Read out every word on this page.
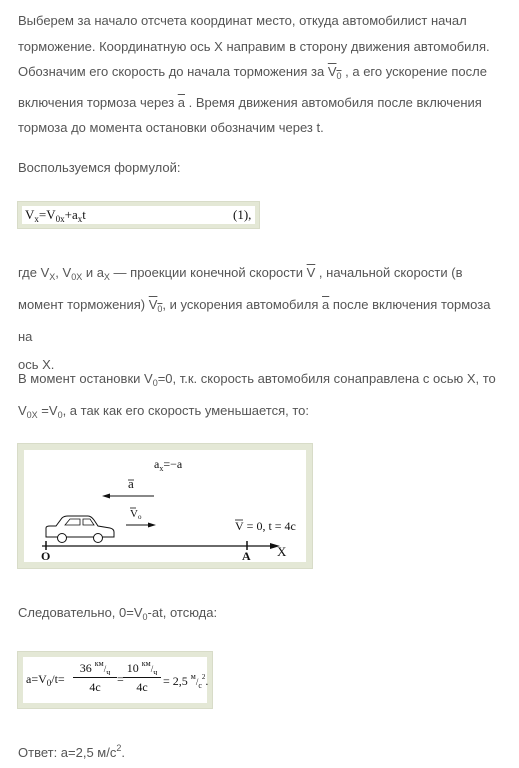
Выберем за начало отсчета координат место, откуда автомобилист начал
торможение. Координатную ось X направим в сторону движения автомобиля.
Обозначим его скорость до начала торможения за $V_0$ , а его ускорение после
включения тормоза через $\overline{a}$ . Время движения автомобиля после включения
тормоза до момента остановки обозначим через t.
Воспользуемся формулой:
$V_x=V_{0x}+a_xt$	(1),
где $V_X$, $V_{0X}$ и $a_X$ — проекции конечной скорости $\overline{V}$ , начальной скорости (в
момент торможения) $V_0$, и ускорения автомобиля $\overline{a}$ после включения тормоза на
ось X.
В момент остановки $V_0=0$, т.к. скорость автомобиля сонаправлена с осью X, то
$V_{0X} =V_0$, а так как его скорость уменьшается, то:
$a_x=-a$
a
Vo
O	A X
V = 0, t = 4c
Следовательно, $0=V_0-at$, отсюда:
$a=V_0/t=$
36 $^{км}/_ч$
4c
=
10 $^{км}/_ч$
4c	= 2,5 $^м/_с^2$.
Ответ: a=2,5 $м/с^2$.
